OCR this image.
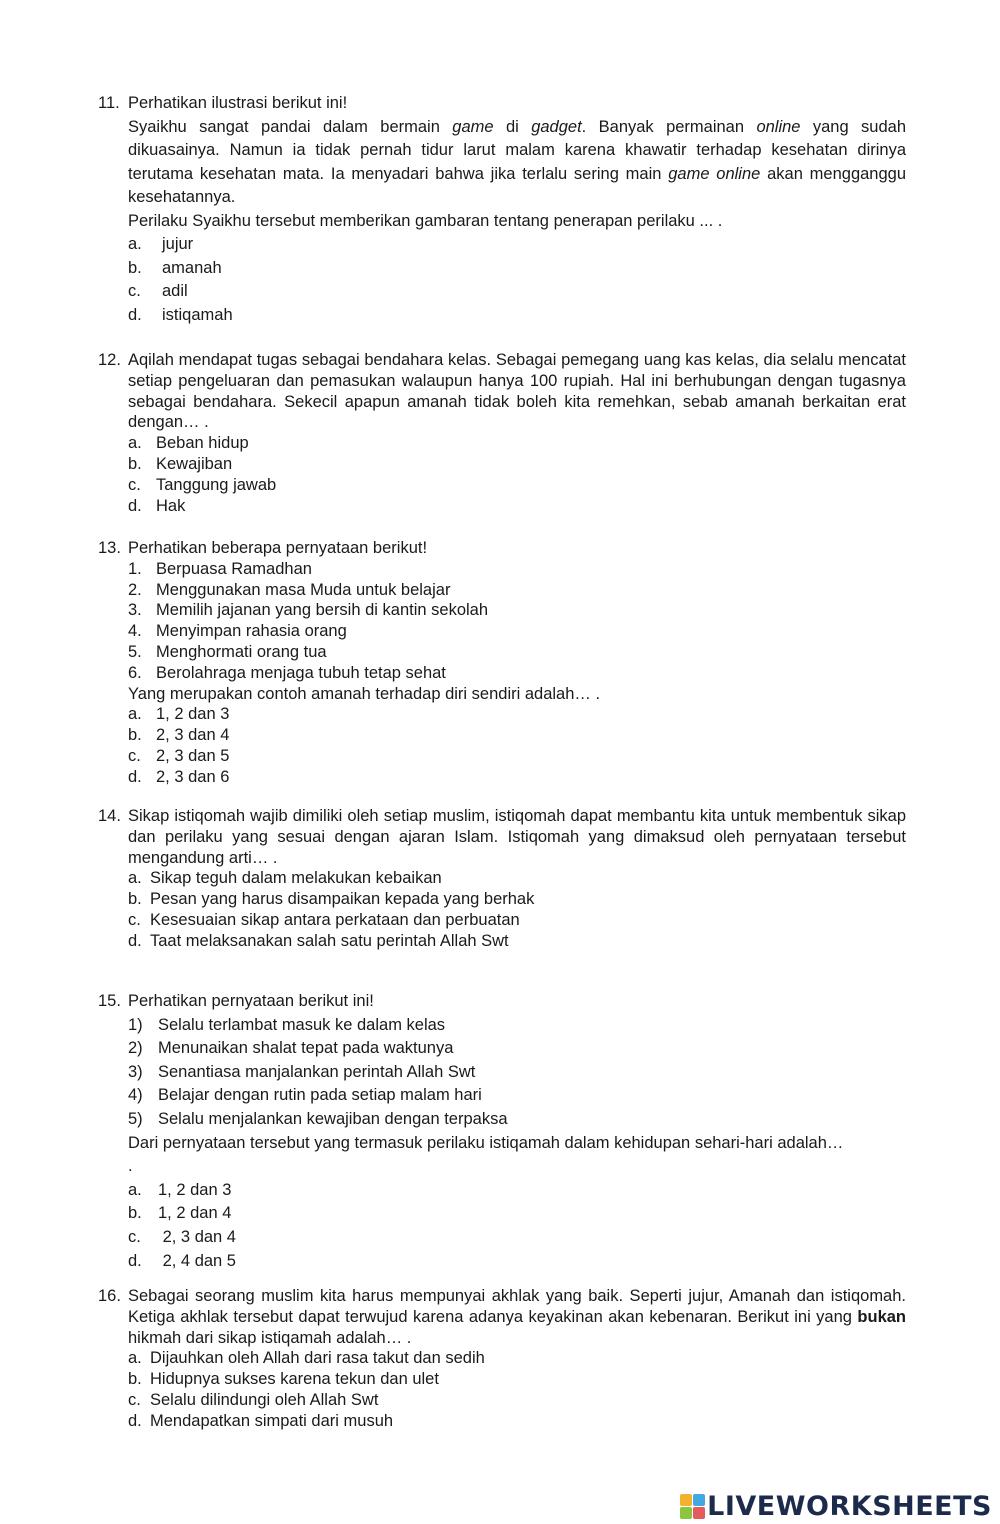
11. Perhatikan ilustrasi berikut ini!
Syaikhu sangat pandai dalam bermain game di gadget. Banyak permainan online yang sudah dikuasainya. Namun ia tidak pernah tidur larut malam karena khawatir terhadap kesehatan dirinya terutama kesehatan mata. Ia menyadari bahwa jika terlalu sering main game online akan mengganggu kesehatannya.
Perilaku Syaikhu tersebut memberikan gambaran tentang penerapan perilaku ... .
a.	jujur
b.	amanah
c.	adil
d.	istiqamah
12. Aqilah mendapat tugas sebagai bendahara kelas. Sebagai pemegang uang kas kelas, dia selalu mencatat setiap pengeluaran dan pemasukan walaupun hanya 100 rupiah. Hal ini berhubungan dengan tugasnya sebagai bendahara. Sekecil apapun amanah tidak boleh kita remehkan, sebab amanah berkaitan erat dengan… .
a. Beban hidup
b. Kewajiban
c. Tanggung jawab
d. Hak
13. Perhatikan beberapa pernyataan berikut!
1. Berpuasa Ramadhan
2. Menggunakan masa Muda untuk belajar
3. Memilih jajanan yang bersih di kantin sekolah
4. Menyimpan rahasia orang
5. Menghormati orang tua
6. Berolahraga menjaga tubuh tetap sehat
Yang merupakan contoh amanah terhadap diri sendiri adalah… .
a. 1, 2 dan 3
b. 2, 3 dan 4
c. 2, 3 dan 5
d. 2, 3 dan 6
14. Sikap istiqomah wajib dimiliki oleh setiap muslim, istiqomah dapat membantu kita untuk membentuk sikap dan perilaku yang sesuai dengan ajaran Islam. Istiqomah yang dimaksud oleh pernyataan tersebut mengandung arti… .
a. Sikap teguh dalam melakukan kebaikan
b. Pesan yang harus disampaikan kepada yang berhak
c. Kesesuaian sikap antara perkataan dan perbuatan
d. Taat melaksanakan salah satu perintah Allah Swt
15. Perhatikan pernyataan berikut ini!
1) Selalu terlambat masuk ke dalam kelas
2) Menunaikan shalat tepat pada waktunya
3) Senantiasa manjalankan perintah Allah Swt
4) Belajar dengan rutin pada setiap malam hari
5) Selalu menjalankan kewajiban dengan terpaksa
Dari pernyataan tersebut yang termasuk perilaku istiqamah dalam kehidupan sehari-hari adalah…
.
a. 1, 2 dan 3
b. 1, 2 dan 4
c.	2, 3 dan 4
d. 2, 4 dan 5
16. Sebagai seorang muslim kita harus mempunyai akhlak yang baik. Seperti jujur, Amanah dan istiqomah. Ketiga akhlak tersebut dapat terwujud karena adanya keyakinan akan kebenaran. Berikut ini yang bukan hikmah dari sikap istiqamah adalah… .
a. Dijauhkan oleh Allah dari rasa takut dan sedih
b. Hidupnya sukses karena tekun dan ulet
c. Selalu dilindungi oleh Allah Swt
d. Mendapatkan simpati dari musuh
LIVEWORKSHEETS
